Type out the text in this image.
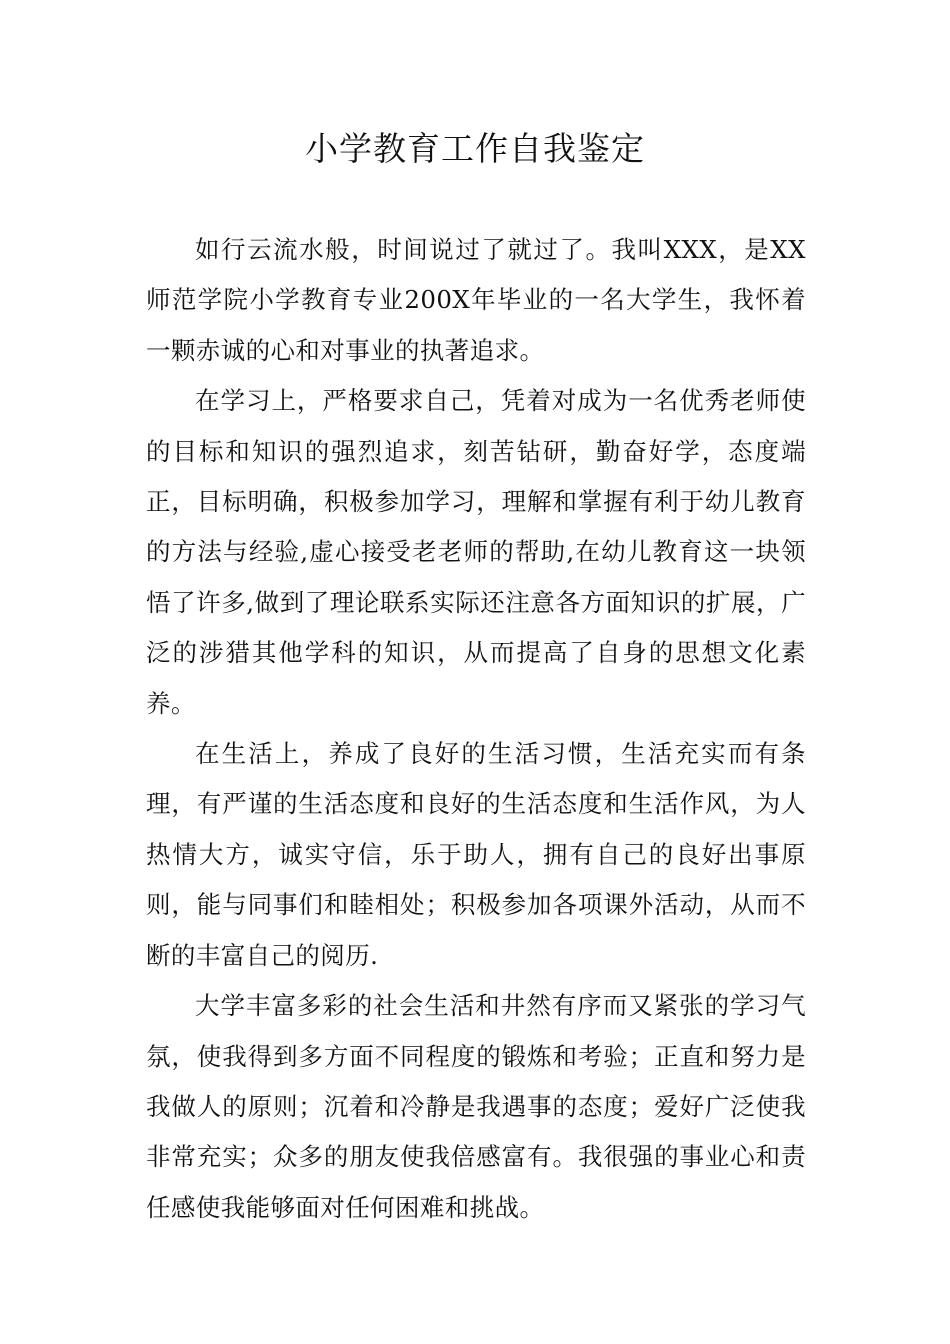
小学教育工作自我鉴定

如行云流水般，时间说过了就过了。我叫XXX，是XX师范学院小学教育专业200X年毕业的一名大学生，我怀着一颗赤诚的心和对事业的执著追求。

在学习上，严格要求自己，凭着对成为一名优秀老师使的目标和知识的强烈追求，刻苦钻研，勤奋好学，态度端正，目标明确，积极参加学习，理解和掌握有利于幼儿教育的方法与经验,虚心接受老老师的帮助,在幼儿教育这一块领悟了许多,做到了理论联系实际还注意各方面知识的扩展，广泛的涉猎其他学科的知识，从而提高了自身的思想文化素养。

在生活上，养成了良好的生活习惯，生活充实而有条理，有严谨的生活态度和良好的生活态度和生活作风，为人热情大方，诚实守信，乐于助人，拥有自己的良好出事原则，能与同事们和睦相处；积极参加各项课外活动，从而不断的丰富自己的阅历.

大学丰富多彩的社会生活和井然有序而又紧张的学习气氛，使我得到多方面不同程度的锻炼和考验；正直和努力是我做人的原则；沉着和冷静是我遇事的态度；爱好广泛使我非常充实；众多的朋友使我倍感富有。我很强的事业心和责任感使我能够面对任何困难和挑战。
